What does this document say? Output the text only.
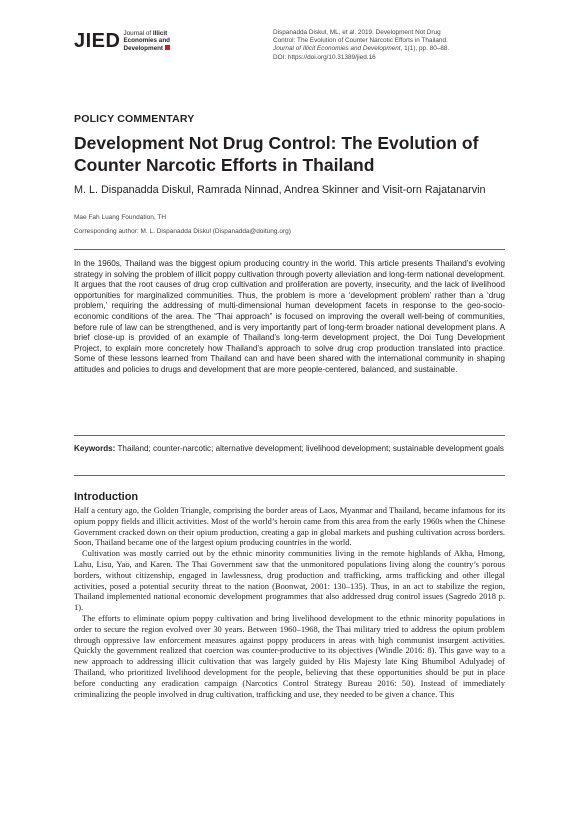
JIED Journal of Illicit
Economies and
Development
Dispanadda Diskul, ML, et al. 2019. Development Not Drug
Control: The Evolution of Counter Narcotic Efforts in Thailand.
Journal of Illicit Economies and Development, 1(1), pp. 80–88.
DOI: https://doi.org/10.31389/jied.16
POLICY COMMENTARY
Development Not Drug Control: The Evolution of Counter Narcotic Efforts in Thailand
M. L. Dispanadda Diskul, Ramrada Ninnad, Andrea Skinner and Visit-orn Rajatanarvin
Mae Fah Luang Foundation, TH
Corresponding author: M. L. Dispanadda Diskul (Dispanadda@doitung.org)
In the 1960s, Thailand was the biggest opium producing country in the world. This article presents Thailand’s evolving strategy in solving the problem of illicit poppy cultivation through poverty alleviation and long-term national development. It argues that the root causes of drug crop cultivation and proliferation are poverty, insecurity, and the lack of livelihood opportunities for marginalized communities. Thus, the problem is more a ‘development problem’ rather than a ‘drug problem,’ requiring the addressing of multi-dimensional human development facets in response to the geo-socio-economic conditions of the area. The “Thai approach” is focused on improving the overall well-being of communities, before rule of law can be strengthened, and is very importantly part of long-term broader national development plans. A brief close-up is provided of an example of Thailand’s long-term development project, the Doi Tung Development Project, to explain more concretely how Thailand’s approach to solve drug crop production translated into practice. Some of these lessons learned from Thailand can and have been shared with the international community in shaping attitudes and policies to drugs and development that are more people-centered, balanced, and sustainable.
Keywords: Thailand; counter-narcotic; alternative development; livelihood development; sustainable development goals
Introduction

Half a century ago, the Golden Triangle, comprising the border areas of Laos, Myanmar and Thailand, became infamous for its opium poppy fields and illicit activities. Most of the world’s heroin came from this area from the early 1960s when the Chinese Government cracked down on their opium production, creating a gap in global markets and pushing cultivation across borders. Soon, Thailand became one of the largest opium producing countries in the world.

Cultivation was mostly carried out by the ethnic minority communities living in the remote highlands of Akha, Hmong, Lahu, Lisu, Yao, and Karen. The Thai Government saw that the unmonitored populations living along the country’s porous borders, without citizenship, engaged in lawlessness, drug production and trafficking, arms trafficking and other illegal activities, posed a potential security threat to the nation (Boonwat, 2001: 130–135). Thus, in an act to stabilize the region, Thailand implemented national economic development programmes that also addressed drug control issues (Sagredo 2018 p. 1).

The efforts to eliminate opium poppy cultivation and bring livelihood development to the ethnic minority populations in order to secure the region evolved over 30 years. Between 1960–1968, the Thai military tried to address the opium problem through oppressive law enforcement measures against poppy producers in areas with high communist insurgent activities. Quickly the government realized that coercion was counter-productive to its objectives (Windle 2016: 8). This gave way to a new approach to addressing illicit cultivation that was largely guided by His Majesty late King Bhumibol Adulyadej of Thailand, who prioritized livelihood development for the people, believing that these opportunities should be put in place before conducting any eradication campaign (Narcotics Control Strategy Bureau 2016: 50). Instead of immediately criminalizing the people involved in drug cultivation, trafficking and use, they needed to be given a chance. This
